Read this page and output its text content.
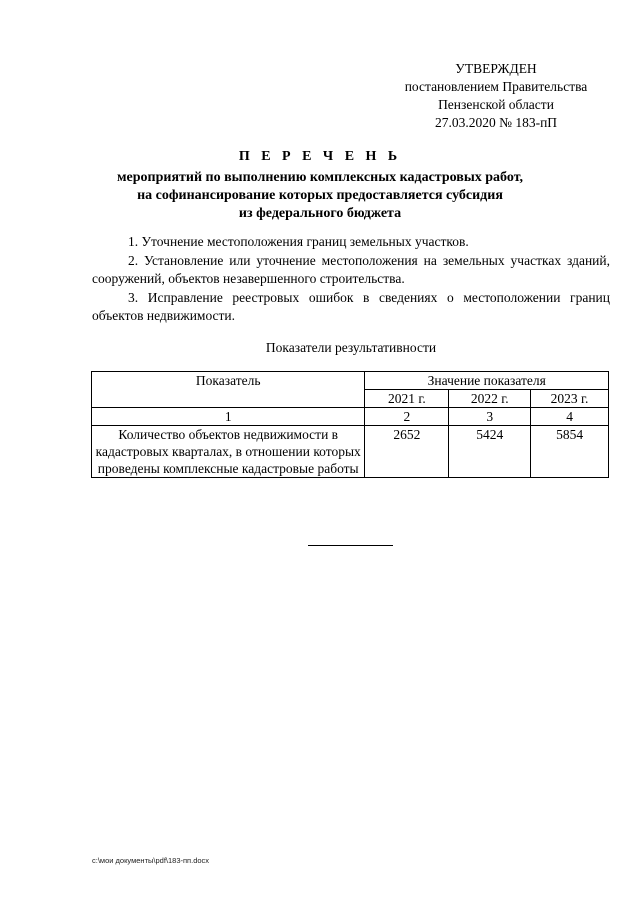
УТВЕРЖДЕН
постановлением Правительства
Пензенской области
27.03.2020 № 183-пП
П Е Р Е Ч Е Н Ь
мероприятий по выполнению комплексных кадастровых работ,
на софинансирование которых предоставляется субсидия
из федерального бюджета

1. Уточнение местоположения границ земельных участков.

2. Установление или уточнение местоположения на земельных участках зданий, сооружений, объектов незавершенного строительства.

3. Исправление реестровых ошибок в сведениях о местоположении границ объектов недвижимости.

Показатели результативности
Показатель	Значение показателя		
	2021 г.	2022 г.	2023 г.
1	2	3	4
Количество объектов недвижимости в кадастровых кварталах, в отношении которых проведены комплексные кадастровые работы	2652	5424	5854
c:\мои документы\pdf\183-пп.docx
